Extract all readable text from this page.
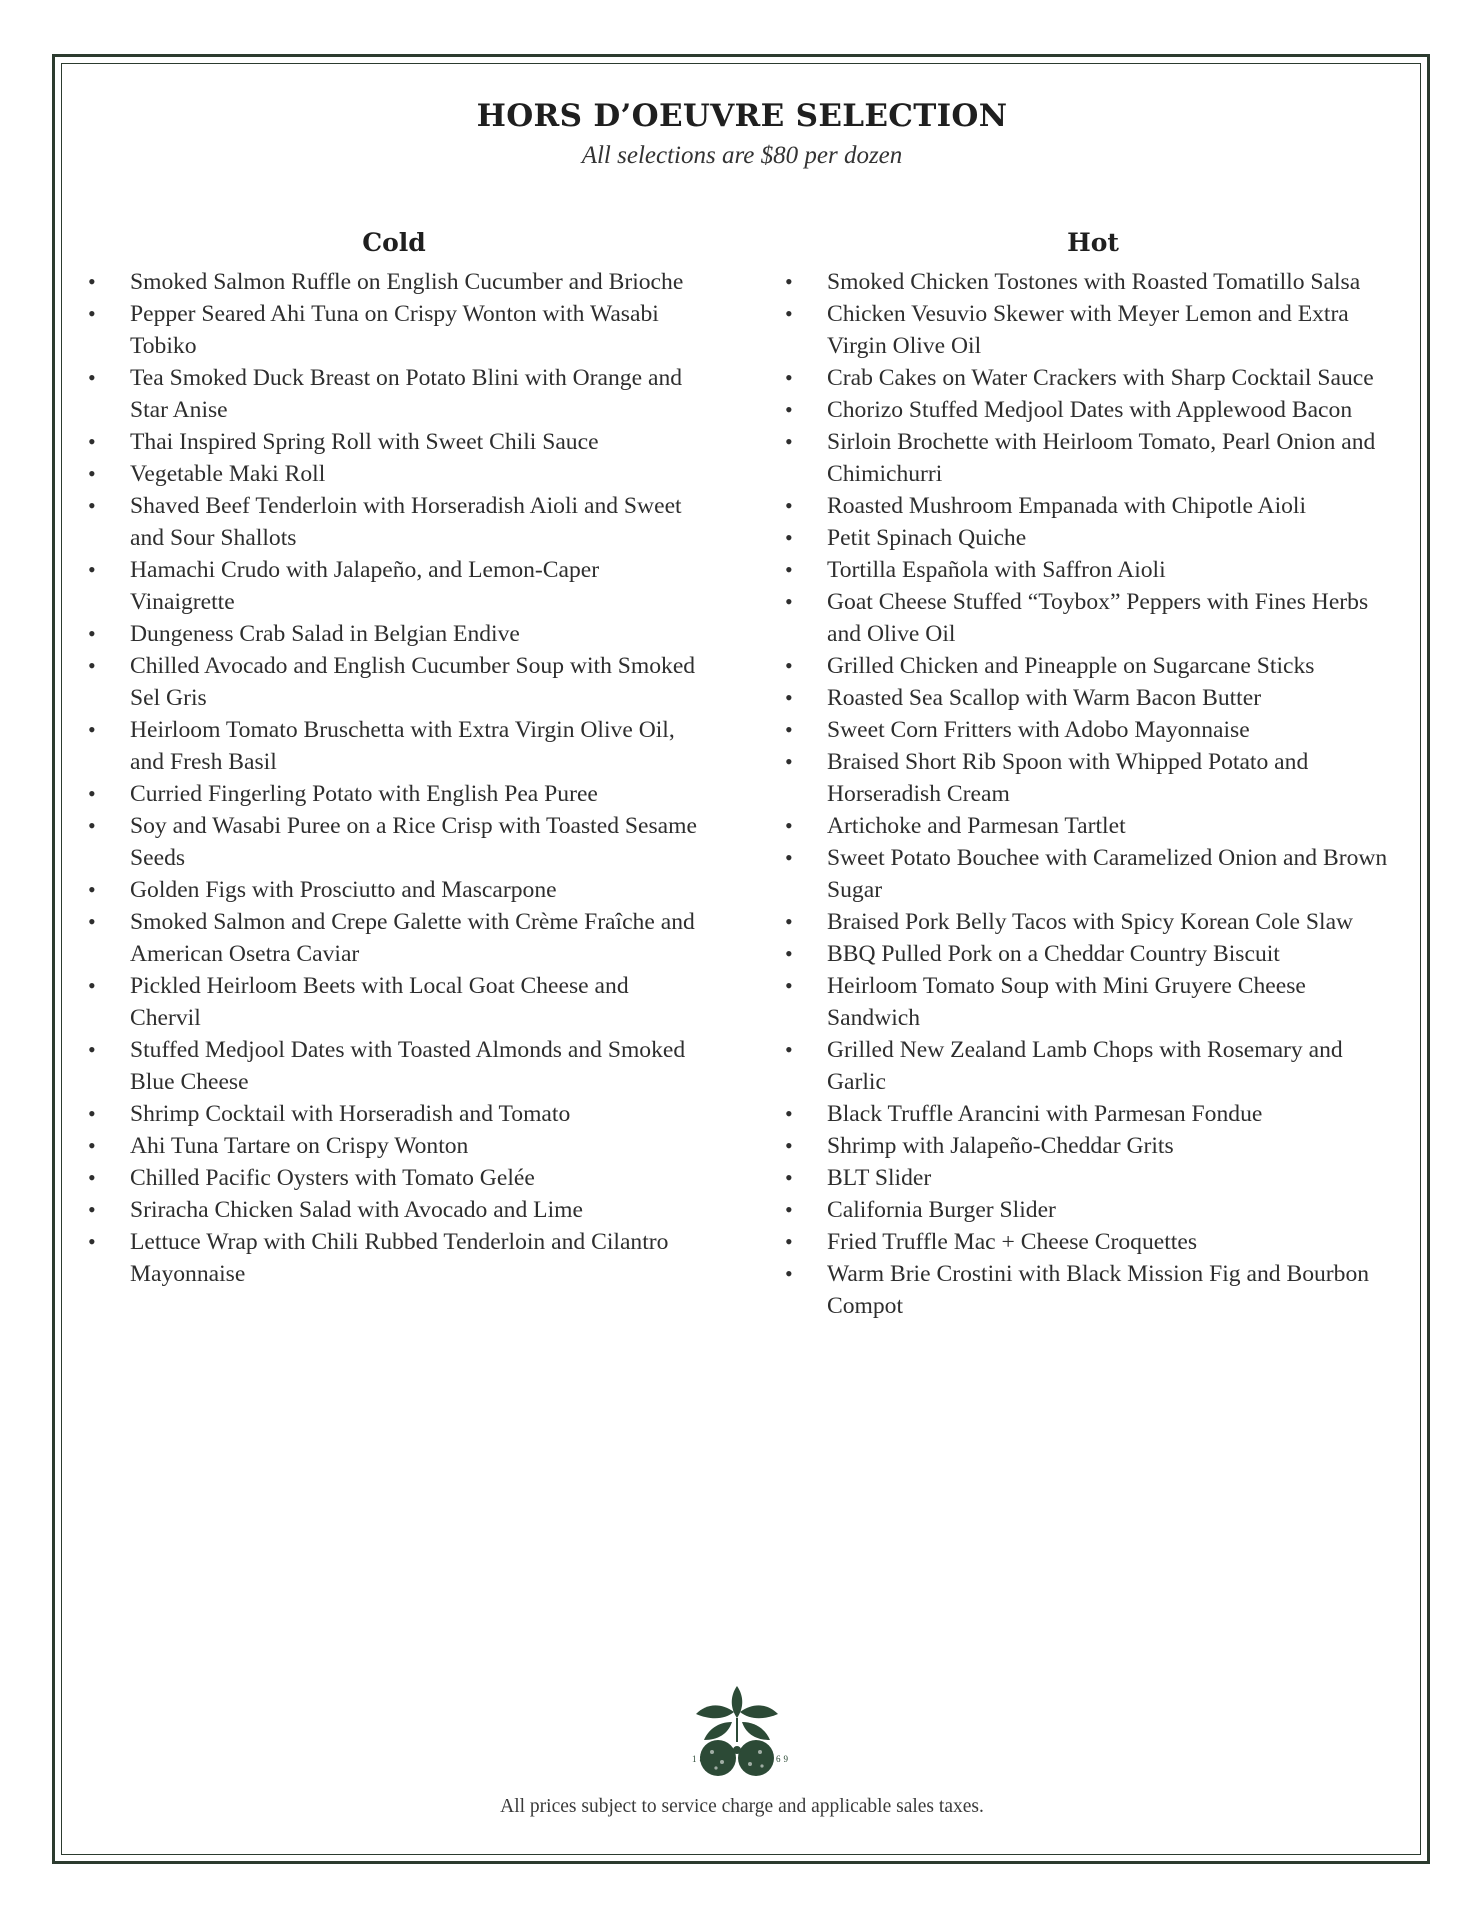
HORS D’OEUVRE SELECTION
All selections are $80 per dozen
Cold
• Smoked Salmon Ruffle on English Cucumber and Brioche
• Pepper Seared Ahi Tuna on Crispy Wonton with Wasabi Tobiko
• Tea Smoked Duck Breast on Potato Blini with Orange and Star Anise
• Thai Inspired Spring Roll with Sweet Chili Sauce
• Vegetable Maki Roll
• Shaved Beef Tenderloin with Horseradish Aioli and Sweet and Sour Shallots
• Hamachi Crudo with Jalapeño, and Lemon-Caper Vinaigrette
• Dungeness Crab Salad in Belgian Endive
• Chilled Avocado and English Cucumber Soup with Smoked Sel Gris
• Heirloom Tomato Bruschetta with Extra Virgin Olive Oil, and Fresh Basil
• Curried Fingerling Potato with English Pea Puree
• Soy and Wasabi Puree on a Rice Crisp with Toasted Sesame Seeds
• Golden Figs with Prosciutto and Mascarpone
• Smoked Salmon and Crepe Galette with Crème Fraîche and American Osetra Caviar
• Pickled Heirloom Beets with Local Goat Cheese and Chervil
• Stuffed Medjool Dates with Toasted Almonds and Smoked Blue Cheese
• Shrimp Cocktail with Horseradish and Tomato
• Ahi Tuna Tartare on Crispy Wonton
• Chilled Pacific Oysters with Tomato Gelée
• Sriracha Chicken Salad with Avocado and Lime
• Lettuce Wrap with Chili Rubbed Tenderloin and Cilantro Mayonnaise
Hot
• Smoked Chicken Tostones with Roasted Tomatillo Salsa
• Chicken Vesuvio Skewer with Meyer Lemon and Extra Virgin Olive Oil
• Crab Cakes on Water Crackers with Sharp Cocktail Sauce
• Chorizo Stuffed Medjool Dates with Applewood Bacon
• Sirloin Brochette with Heirloom Tomato, Pearl Onion and Chimichurri
• Roasted Mushroom Empanada with Chipotle Aioli
• Petit Spinach Quiche
• Tortilla Española with Saffron Aioli
• Goat Cheese Stuffed “Toybox” Peppers with Fines Herbs and Olive Oil
• Grilled Chicken and Pineapple on Sugarcane Sticks
• Roasted Sea Scallop with Warm Bacon Butter
• Sweet Corn Fritters with Adobo Mayonnaise
• Braised Short Rib Spoon with Whipped Potato and Horseradish Cream
• Artichoke and Parmesan Tartlet
• Sweet Potato Bouchee with Caramelized Onion and Brown Sugar
• Braised Pork Belly Tacos with Spicy Korean Cole Slaw
• BBQ Pulled Pork on a Cheddar Country Biscuit
• Heirloom Tomato Soup with Mini Gruyere Cheese Sandwich
• Grilled New Zealand Lamb Chops with Rosemary and Garlic
• Black Truffle Arancini with Parmesan Fondue
• Shrimp with Jalapeño-Cheddar Grits
• BLT Slider
• California Burger Slider
• Fried Truffle Mac + Cheese Croquettes
• Warm Brie Crostini with Black Mission Fig and Bourbon Compot
18	69
All prices subject to service charge and applicable sales taxes.
